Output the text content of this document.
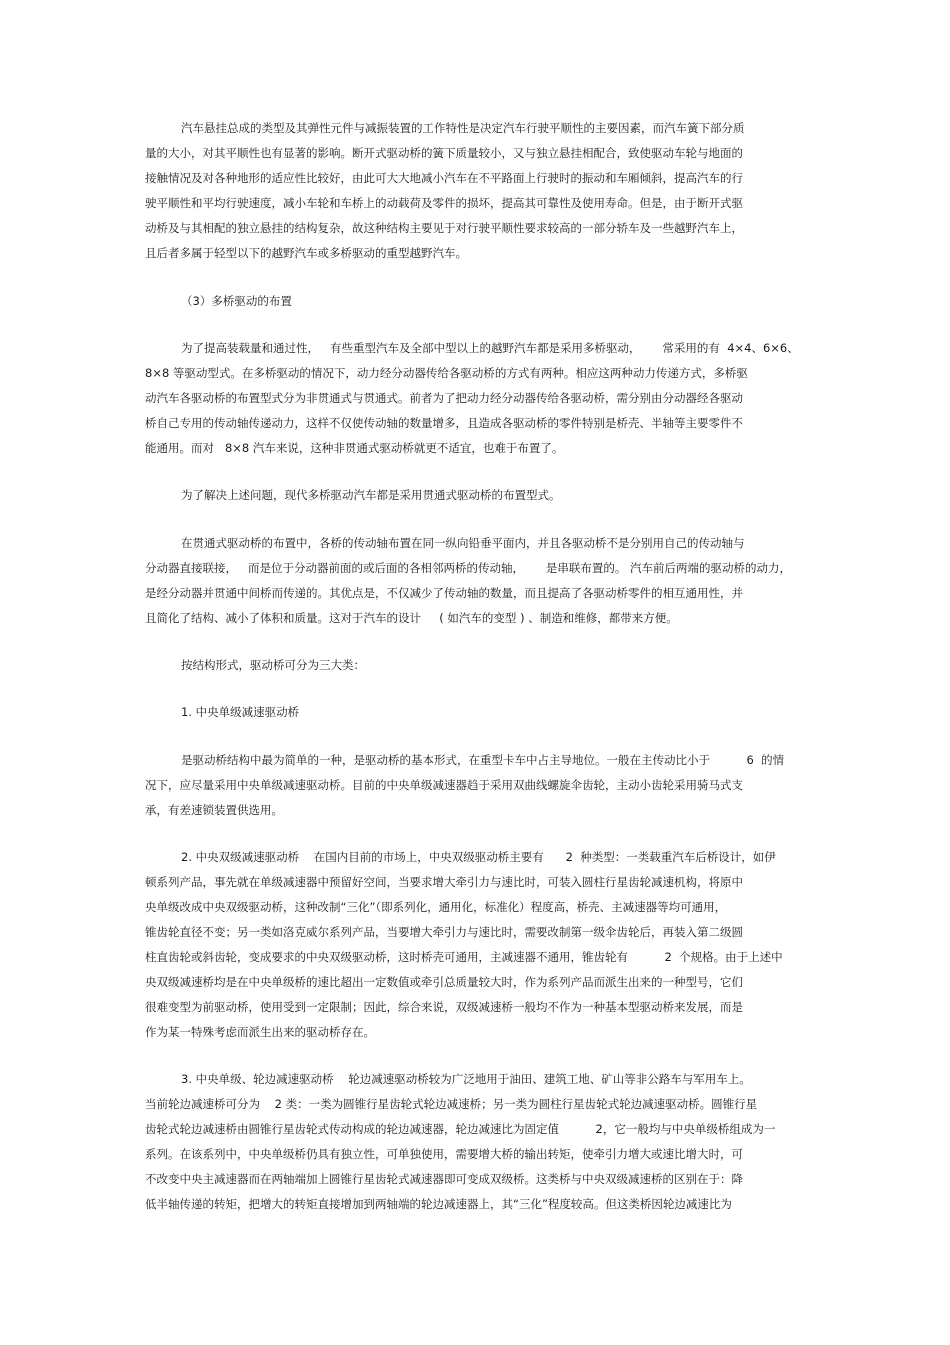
汽车悬挂总成的类型及其弹性元件与减振装置的工作特性是决定汽车行驶平顺性的主要因素，而汽车簧下部分质

量的大小，对其平顺性也有显著的影响。断开式驱动桥的簧下质量较小，又与独立悬挂相配合，致使驱动车轮与地面的

接触情况及对各种地形的适应性比较好，由此可大大地减小汽车在不平路面上行驶时的振动和车厢倾斜，提高汽车的行

驶平顺性和平均行驶速度，减小车轮和车桥上的动载荷及零件的损坏，提高其可靠性及使用寿命。但是，由于断开式驱

动桥及与其相配的独立悬挂的结构复杂，故这种结构主要见于对行驶平顺性要求较高的一部分轿车及一些越野汽车上，

且后者多属于轻型以下的越野汽车或多桥驱动的重型越野汽车。

（3）多桥驱动的布置

为了提高装载量和通过性，   有些重型汽车及全部中型以上的越野汽车都是采用多桥驱动，      常采用的有  4×4、6×6、

8×8 等驱动型式。在多桥驱动的情况下，动力经分动器传给各驱动桥的方式有两种。相应这两种动力传递方式，多桥驱

动汽车各驱动桥的布置型式分为非贯通式与贯通式。前者为了把动力经分动器传给各驱动桥，需分别由分动器经各驱动

桥自己专用的传动轴传递动力，这样不仅使传动轴的数量增多，且造成各驱动桥的零件特别是桥壳、半轴等主要零件不

能通用。而对   8×8 汽车来说，这种非贯通式驱动桥就更不适宜，也难于布置了。

为了解决上述问题，现代多桥驱动汽车都是采用贯通式驱动桥的布置型式。

在贯通式驱动桥的布置中，各桥的传动轴布置在同一纵向铅垂平面内，并且各驱动桥不是分别用自己的传动轴与

分动器直接联接，   而是位于分动器前面的或后面的各相邻两桥的传动轴，      是串联布置的。 汽车前后两端的驱动桥的动力，

是经分动器并贯通中间桥而传递的。其优点是，不仅减少了传动轴的数量，而且提高了各驱动桥零件的相互通用性，并

且简化了结构、减小了体积和质量。这对于汽车的设计     ( 如汽车的变型 ) 、制造和维修，都带来方便。

按结构形式，驱动桥可分为三大类：

1. 中央单级减速驱动桥

是驱动桥结构中最为简单的一种，是驱动桥的基本形式，在重型卡车中占主导地位。一般在主传动比小于          6  的情

况下，应尽量采用中央单级减速驱动桥。目前的中央单级减速器趋于采用双曲线螺旋伞齿轮，主动小齿轮采用骑马式支

承，有差速锁装置供选用。

2. 中央双级减速驱动桥    在国内目前的市场上，中央双级驱动桥主要有      2  种类型：一类载重汽车后桥设计，如伊

顿系列产品，事先就在单级减速器中预留好空间，当要求增大牵引力与速比时，可装入圆柱行星齿轮减速机构，将原中

央单级改成中央双级驱动桥，这种改制“三化”（即系列化，通用化，标准化）程度高，桥壳、主减速器等均可通用，

锥齿轮直径不变；另一类如洛克威尔系列产品，当要增大牵引力与速比时，需要改制第一级伞齿轮后，再装入第二级圆

柱直齿轮或斜齿轮，变成要求的中央双级驱动桥，这时桥壳可通用，主减速器不通用，锥齿轮有          2  个规格。由于上述中

央双级减速桥均是在中央单级桥的速比超出一定数值或牵引总质量较大时，作为系列产品而派生出来的一种型号，它们

很难变型为前驱动桥，使用受到一定限制；因此，综合来说，双级减速桥一般均不作为一种基本型驱动桥来发展，而是

作为某一特殊考虑而派生出来的驱动桥存在。

3. 中央单级、轮边减速驱动桥    轮边减速驱动桥较为广泛地用于油田、建筑工地、矿山等非公路车与军用车上。

当前轮边减速桥可分为    2 类：一类为圆锥行星齿轮式轮边减速桥；另一类为圆柱行星齿轮式轮边减速驱动桥。圆锥行星

齿轮式轮边减速桥由圆锥行星齿轮式传动构成的轮边减速器，轮边减速比为固定值          2，它一般均与中央单级桥组成为一

系列。在该系列中，中央单级桥仍具有独立性，可单独使用，需要增大桥的输出转矩，使牵引力增大或速比增大时，可

不改变中央主减速器而在两轴端加上圆锥行星齿轮式减速器即可变成双级桥。这类桥与中央双级减速桥的区别在于：降

低半轴传递的转矩，把增大的转矩直接增加到两轴端的轮边减速器上，其“三化”程度较高。但这类桥因轮边减速比为
